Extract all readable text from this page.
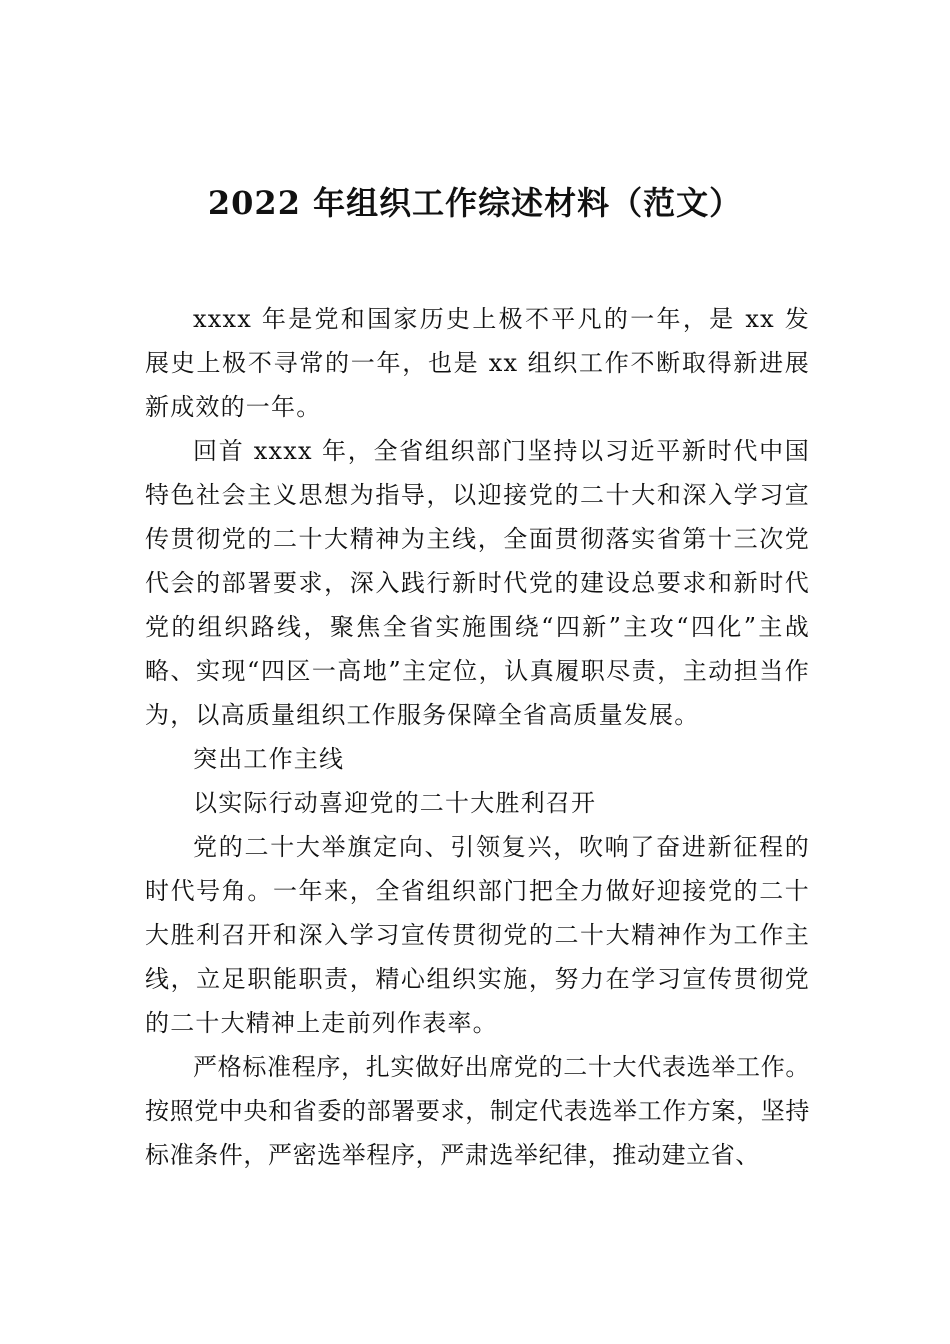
2022 年组织工作综述材料（范文）

xxxx 年是党和国家历史上极不平凡的一年，是 xx 发展史上极不寻常的一年，也是 xx 组织工作不断取得新进展新成效的一年。

回首 xxxx 年，全省组织部门坚持以习近平新时代中国特色社会主义思想为指导，以迎接党的二十大和深入学习宣传贯彻党的二十大精神为主线，全面贯彻落实省第十三次党代会的部署要求，深入践行新时代党的建设总要求和新时代党的组织路线，聚焦全省实施围绕“四新”主攻“四化”主战略、实现“四区一高地”主定位，认真履职尽责，主动担当作为，以高质量组织工作服务保障全省高质量发展。

突出工作主线

以实际行动喜迎党的二十大胜利召开

党的二十大举旗定向、引领复兴，吹响了奋进新征程的时代号角。一年来，全省组织部门把全力做好迎接党的二十大胜利召开和深入学习宣传贯彻党的二十大精神作为工作主线，立足职能职责，精心组织实施，努力在学习宣传贯彻党的二十大精神上走前列作表率。

严格标准程序，扎实做好出席党的二十大代表选举工作。按照党中央和省委的部署要求，制定代表选举工作方案，坚持标准条件，严密选举程序，严肃选举纪律，推动建立省、
